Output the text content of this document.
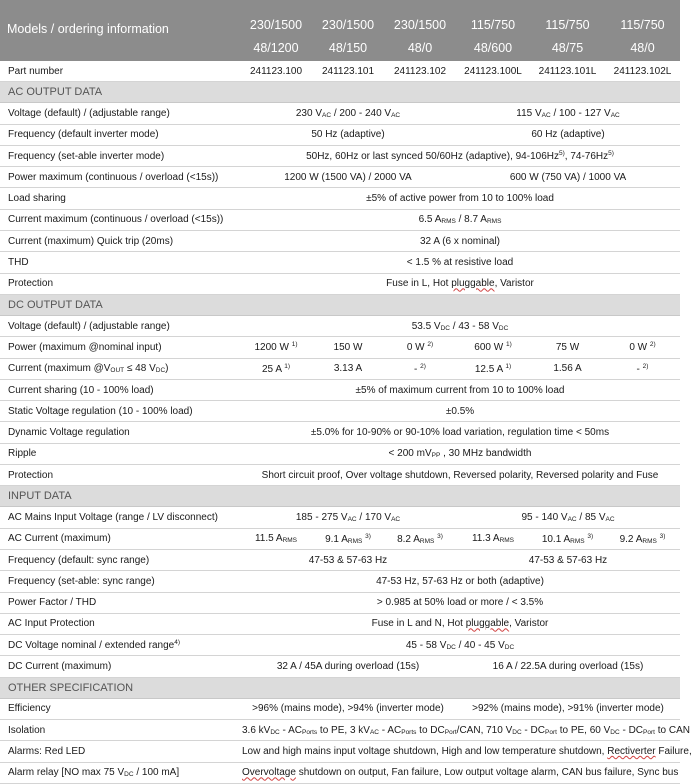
Models / ordering information	230/1500	230/1500	230/1500	115/750	115/750	115/750
	48/1200	48/150	48/0	48/600	48/75	48/0
Part number	241123.100	241123.101	241123.102	241123.100L	241123.101L	241123.102L
AC OUTPUT DATA						
Voltage (default) / (adjustable range)	230 $V_{AC} / 200 - 240$ $V_{AC}$			115 $V_{AC} / 100 - 127$ $V_{AC}$
Frequency (default inverter mode)	50 Hz (adaptive)			60 Hz (adaptive)		
Frequency (set-able inverter mode)	50Hz, 60Hz or last synced 50/60Hz (adaptive), 94-106Hz$^{5)}$, 74-76Hz$^{5)}$
Power maximum (continuous / overload (<15s))	1200 W (1500 VA) / 2000 VA			600 W (750 VA) / 1000 VA		
Load sharing	±5% of active power from 10 to 100% load					
Current maximum (continuous / overload (<15s))	6.5 $A_{RMS} / 8.7$ $A_{RMS}$
Current (maximum) Quick trip (20ms)	32 A (6 x nominal)					
THD	< 1.5 % at resistive load					
Protection	Fuse in L, Hot pluggable, Varistor					
DC OUTPUT DATA						
Voltage (default) / (adjustable range)	53.5 $V_{DC} / 43 - 58$ $V_{DC}$
Power (maximum @nominal input)	1200 W $^{1)}$	150 W	0 W $^{2)}$	600 W $^{1)}$	75 W	0 W $^{2)}$
Current (maximum $@V_{OUT} \le 48$ $V_{DC}$)	25 A $^{1)}$	3.13 A	- $^{2)}$	12.5 A $^{1)}$	1.56 A	- $^{2)}$
Current sharing (10 - 100% load)	±5% of maximum current from 10 to 100% load					
Static Voltage regulation (10 - 100% load)	±0.5%					
Dynamic Voltage regulation	±5.0% for 10-90% or 90-10% load variation, regulation time < 50ms					
Ripple	< 200 $mV_{PP}$ , 30 MHz bandwidth					
Protection	Short circuit proof, Over voltage shutdown, Reversed polarity, Reversed polarity and Fuse					
INPUT DATA						
AC Mains Input Voltage (range / LV disconnect)	185 - 275 $V_{AC} / 170$ $V_{AC}$			95 - 140 $V_{AC} / 85$ $V_{AC}$
AC Current (maximum)	11.5 $A_{RMS}$	9.1 $A_{RMS}$ $^{3)}$	8.2 $A_{RMS}$ $^{3)}$	11.3 $A_{RMS}$	10.1 $A_{RMS}$ $^{3)}$	9.2 $A_{RMS}$ $^{3)}$
Frequency (default: sync range)	47-53 & 57-63 Hz			47-53 & 57-63 Hz		
Frequency (set-able: sync range)	47-53 Hz, 57-63 Hz or both (adaptive)					
Power Factor / THD	> 0.985 at 50% load or more / < 3.5%					
AC Input Protection	Fuse in L and N, Hot pluggable, Varistor					
DC Voltage nominal / extended range$^{4)}$	45 - 58 $V_{DC} / 40 - 45$ $V_{DC}$
DC Current (maximum)	32 A / 45A during overload (15s)			16 A / 22.5A during overload (15s)		
OTHER SPECIFICATION						
Efficiency	>96% (mains mode), >94% (inverter mode)			>92% (mains mode), >91% (inverter mode)		
Isolation	3.6 $kV_{DC} - AC_{Ports}$ to PE, 3 $kV_{AC} - AC_{Ports}$ to $DC_{Port}$/CAN, 710 $V_{DC} - DC_{Port}$ to PE, 60 $V_{DC} - DC_{Port}$ to CAN					
Alarms: Red LED	Low and high mains input voltage shutdown, High and low temperature shutdown, Rectiverter Failure,					
Alarm relay [NO max 75 $V_{DC} / 100$ mA]	Overvoltage shutdown on output, Fan failure, Low output voltage alarm, CAN bus failure, Sync bus					
